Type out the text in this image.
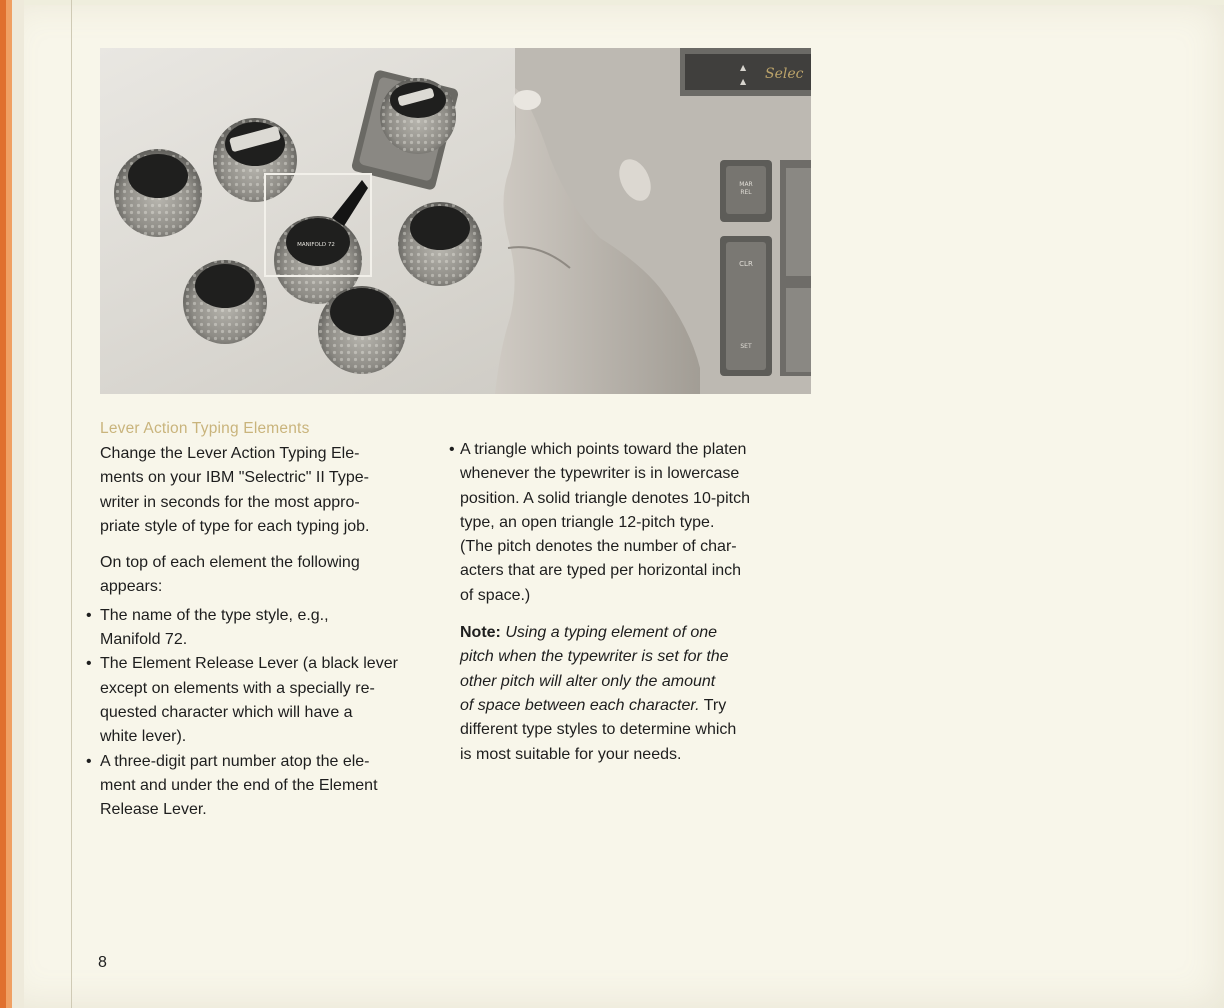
▲
▲ Selec
MAR
REL
CLR
SET
MANIFOLD 72
Lever Action Typing Elements

Change the Lever Action Typing Ele-
ments on your IBM "Selectric" II Type-
writer in seconds for the most appro-
priate style of type for each typing job.

On top of each element the following
appears:

• The name of the type style, e.g.,
Manifold 72.
• The Element Release Lever (a black lever
except on elements with a specially re-
quested character which will have a
white lever).
• A three-digit part number atop the ele-
ment and under the end of the Element
Release Lever.
• A triangle which points toward the platen
whenever the typewriter is in lowercase
position. A solid triangle denotes 10-pitch
type, an open triangle 12-pitch type.
(The pitch denotes the number of char-
acters that are typed per horizontal inch
of space.)
Note: Using a typing element of one
pitch when the typewriter is set for the
other pitch will alter only the amount
of space between each character. Try
different type styles to determine which
is most suitable for your needs.
8
